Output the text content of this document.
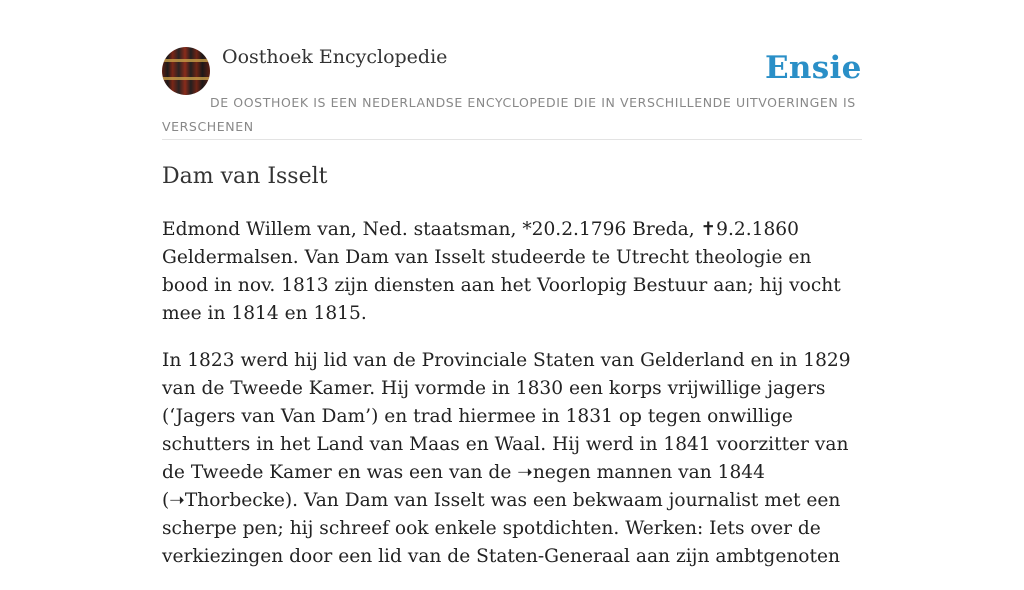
Oosthoek Encyclopedie	Ensie
DE OOSTHOEK IS EEN NEDERLANDSE ENCYCLOPEDIE DIE IN VERSCHILLENDE UITVOERINGEN IS VERSCHENEN
Dam van Isselt

Edmond Willem van, Ned. staatsman, *20.2.1796 Breda, ✝9.2.1860 Geldermalsen. Van Dam van Isselt studeerde te Utrecht theologie en bood in nov. 1813 zijn diensten aan het Voorlopig Bestuur aan; hij vocht mee in 1814 en 1815.

In 1823 werd hij lid van de Provinciale Staten van Gelderland en in 1829 van de Tweede Kamer. Hij vormde in 1830 een korps vrijwillige jagers (‘Jagers van Van Dam’) en trad hiermee in 1831 op tegen onwillige schutters in het Land van Maas en Waal. Hij werd in 1841 voorzitter van de Tweede Kamer en was een van de ➝negen mannen van 1844 (➝Thorbecke). Van Dam van Isselt was een bekwaam journalist met een scherpe pen; hij schreef ook enkele spotdichten. Werken: Iets over de verkiezingen door een lid van de Staten-Generaal aan zijn ambtgenoten
